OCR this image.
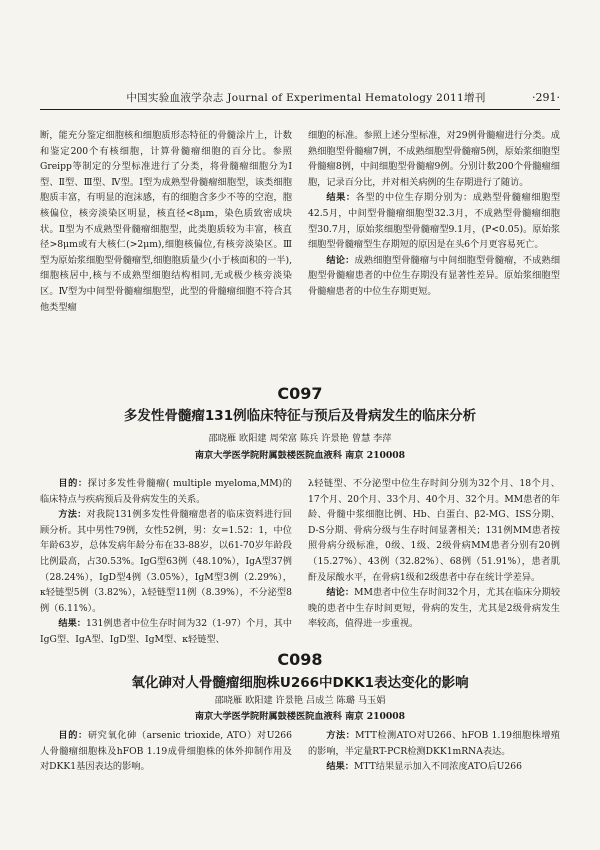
中国实验血液学杂志 Journal of Experimental Hematology 2011增刊	·291·

断，能充分鉴定细胞核和细胞质形态特征的骨髓涂片上，计数和鉴定200个有核细胞，计算骨髓瘤细胞的百分比。参照Greipp等制定的分型标准进行了分类，将骨髓瘤细胞分为Ⅰ型、Ⅱ型、Ⅲ型、Ⅳ型。Ⅰ型为成熟型骨髓瘤细胞型，该类细胞胞质丰富，有明显的泡沫感，有的细胞含多少不等的空泡，胞核偏位，核旁淡染区明显，核直径<8μm，染色质致密成块状。Ⅱ型为不成熟型骨髓瘤细胞型，此类胞质较为丰富，核直径>8μm或有大核仁(>2μm),细胞核偏位,有核旁淡染区。Ⅲ型为原始浆细胞型骨髓瘤型,细胞胞质量少(小于核面积的一半),细胞核居中,核与不成熟型细胞结构相同,无或极少核旁淡染区。Ⅳ型为中间型骨髓瘤细胞型，此型的骨髓瘤细胞不符合其他类型瘤

细胞的标准。参照上述分型标准，对29例骨髓瘤进行分类。成熟细胞型骨髓瘤7例，不成熟细胞型骨髓瘤5例，原始浆细胞型骨髓瘤8例，中间细胞型骨髓瘤9例。分别计数200个骨髓瘤细胞，记录百分比，并对相关病例的生存期进行了随访。

结果：各型的中位生存期分别为：成熟型骨髓瘤细胞型42.5月，中间型骨髓瘤细胞型32.3月，不成熟型骨髓瘤细胞型30.7月，原始浆细胞型骨髓瘤型9.1月，(P<0.05)。原始浆细胞型骨髓瘤型生存期短的原因是在头6个月更容易死亡。

结论：成熟细胞型骨髓瘤与中间细胞型骨髓瘤，不成熟细胞型骨髓瘤患者的中位生存期没有显著性差异。原始浆细胞型骨髓瘤患者的中位生存期更短。

C097
多发性骨髓瘤131例临床特征与预后及骨病发生的临床分析
邵晓雁 欧阳建 周荣富 陈兵 许景艳 曾慧 李萍
南京大学医学院附属鼓楼医院血液科 南京 210008

目的：探讨多发性骨髓瘤( multiple myeloma,MM)的临床特点与疾病预后及骨病发生的关系。

方法：对我院131例多发性骨髓瘤患者的临床资料进行回顾分析。其中男性79例，女性52例，男：女=1.52：1，中位年龄63岁，总体发病年龄分布在33-88岁，以61-70岁年龄段比例最高，占30.53%。IgG型63例（48.10%），IgA型37例（28.24%），IgD型4例（3.05%），IgM型3例（2.29%），κ轻链型5例（3.82%），λ轻链型11例（8.39%），不分泌型8例（6.11%）。

结果：131例患者中位生存时间为32（1-97）个月，其中IgG型、IgA型、IgD型、IgM型、κ轻链型、

λ轻链型、不分泌型中位生存时间分别为32个月、18个月、17个月、20个月、33个月、40个月、32个月。MM患者的年龄、骨髓中浆细胞比例、Hb、白蛋白、β2-MG、ISS分期、D-S分期、骨病分级与生存时间显著相关；131例MM患者按照骨病分级标准，0级、1级、2级骨病MM患者分别有20例（15.27%）、43例（32.82%）、68例（51.91%），患者肌酐及尿酸水平，在骨病1级和2级患者中存在统计学差异。

结论：MM患者中位生存时间32个月，尤其在临床分期较晚的患者中生存时间更短，骨病的发生，尤其是2级骨病发生率较高，值得进一步重视。

C098
氧化砷对人骨髓瘤细胞株U266中DKK1表达变化的影响
邵晓雁 欧阳建 许景艳 吕成兰 陈璐 马玉娟
南京大学医学院附属鼓楼医院血液科 南京 210008

目的：研究氧化砷（arsenic trioxide, ATO）对U266人骨髓瘤细胞株及hFOB 1.19成骨细胞株的体外抑制作用及对DKK1基因表达的影响。

方法：MTT检测ATO对U266、hFOB 1.19细胞株增殖的影响，半定量RT-PCR检测DKK1mRNA表达。

结果：MTT结果显示加入不同浓度ATO后U266
